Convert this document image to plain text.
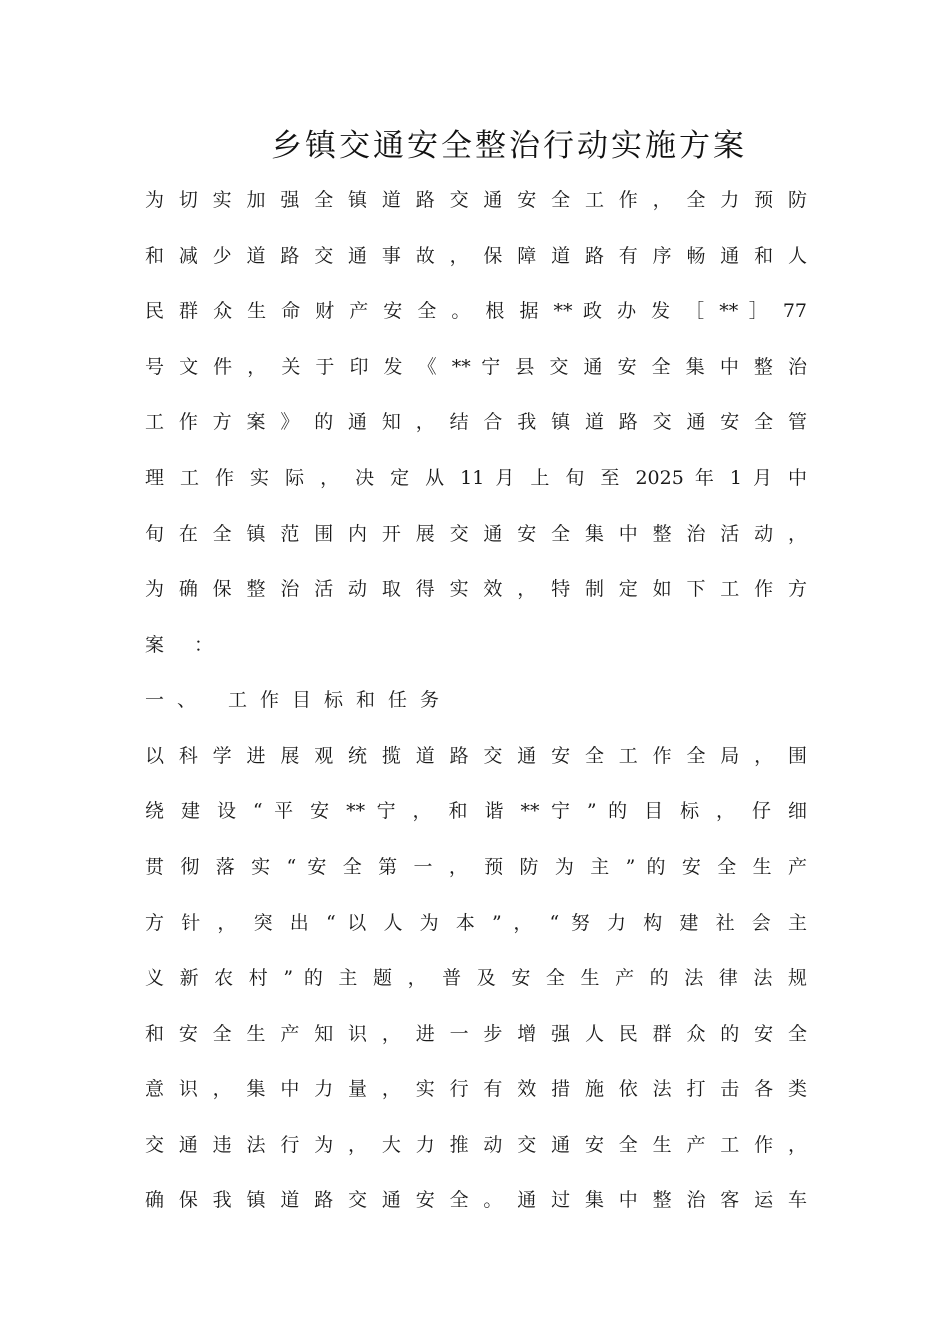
乡镇交通安全整治行动实施方案
为 切 实 加 强 全 镇 道 路 交 通 安 全 工 作 ， 全 力 预 防
和 减 少 道 路 交 通 事 故 ， 保 障 道 路 有 序 畅 通 和 人
民 群 众 生 命 财 产 安 全 。 根 据 ** 政 办 发 ［ ** ］ 77
号 文 件 ， 关 于 印 发 《 ** 宁 县 交 通 安 全 集 中 整 治
工 作 方 案 》 的 通 知 ， 结 合 我 镇 道 路 交 通 安 全 管
理 工 作 实 际 ， 决 定 从 11 月 上 旬 至 2025 年 1 月 中
旬 在 全 镇 范 围 内 开 展 交 通 安 全 集 中 整 治 活 动 ，
为 确 保 整 治 活 动 取 得 实 效 ， 特 制 定 如 下 工 作 方
案 ：
一、 工作目标和任务
以 科 学 进 展 观 统 揽 道 路 交 通 安 全 工 作 全 局 ， 围
绕 建 设 “ 平 安 ** 宁 ， 和 谐 ** 宁 ” 的 目 标 ， 仔 细
贯 彻 落 实 “ 安 全 第 一 ， 预 防 为 主 ” 的 安 全 生 产
方 针 ， 突 出 “ 以 人 为 本 ” ， “ 努 力 构 建 社 会 主
义 新 农 村 ” 的 主 题 ， 普 及 安 全 生 产 的 法 律 法 规
和 安 全 生 产 知 识 ， 进 一 步 增 强 人 民 群 众 的 安 全
意 识 ， 集 中 力 量 ， 实 行 有 效 措 施 依 法 打 击 各 类
交 通 违 法 行 为 ， 大 力 推 动 交 通 安 全 生 产 工 作 ，
确 保 我 镇 道 路 交 通 安 全 。 通 过 集 中 整 治 客 运 车
